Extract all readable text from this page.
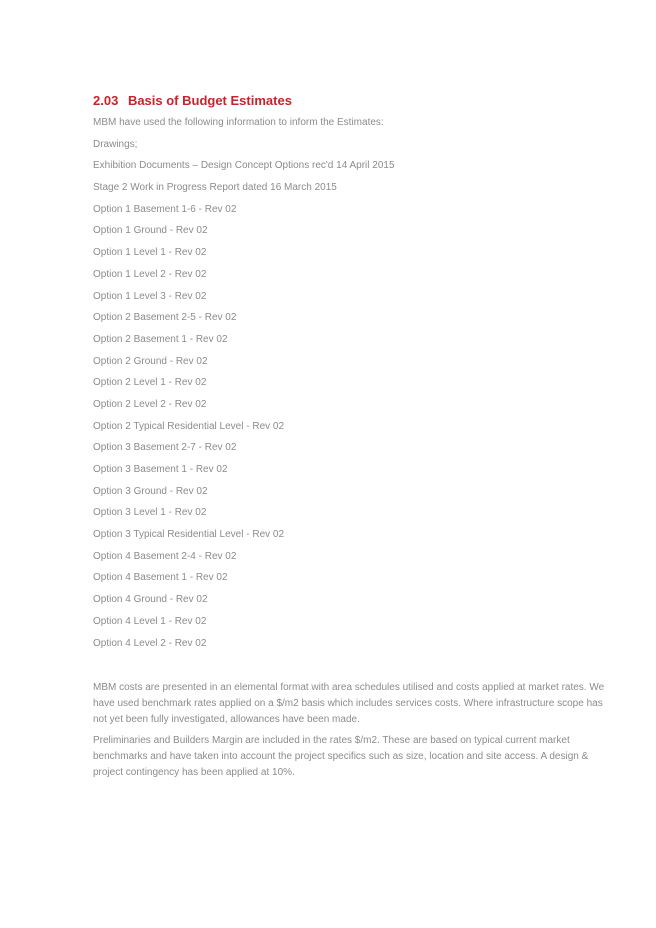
2.03 Basis of Budget Estimates
MBM have used the following information to inform the Estimates:
Drawings;
Exhibition Documents – Design Concept Options rec'd 14 April 2015
Stage 2 Work in Progress Report dated 16 March 2015
Option 1 Basement 1-6 - Rev 02
Option 1 Ground - Rev 02
Option 1 Level 1 - Rev 02
Option 1 Level 2 - Rev 02
Option 1 Level 3 - Rev 02
Option 2 Basement 2-5 - Rev 02
Option 2 Basement 1 - Rev 02
Option 2 Ground - Rev 02
Option 2 Level 1 - Rev 02
Option 2 Level 2 - Rev 02
Option 2 Typical Residential Level - Rev 02
Option 3 Basement 2-7 - Rev 02
Option 3 Basement 1 - Rev 02
Option 3 Ground - Rev 02
Option 3 Level 1 - Rev 02
Option 3 Typical Residential Level - Rev 02
Option 4 Basement 2-4 - Rev 02
Option 4 Basement 1 - Rev 02
Option 4 Ground - Rev 02
Option 4 Level 1 - Rev 02
Option 4 Level 2 - Rev 02

MBM costs are presented in an elemental format with area schedules utilised and costs applied at market rates. We have used benchmark rates applied on a $/m2 basis which includes services costs. Where infrastructure scope has not yet been fully investigated, allowances have been made.

Preliminaries and Builders Margin are included in the rates $/m2. These are based on typical current market benchmarks and have taken into account the project specifics such as size, location and site access. A design & project contingency has been applied at 10%.
